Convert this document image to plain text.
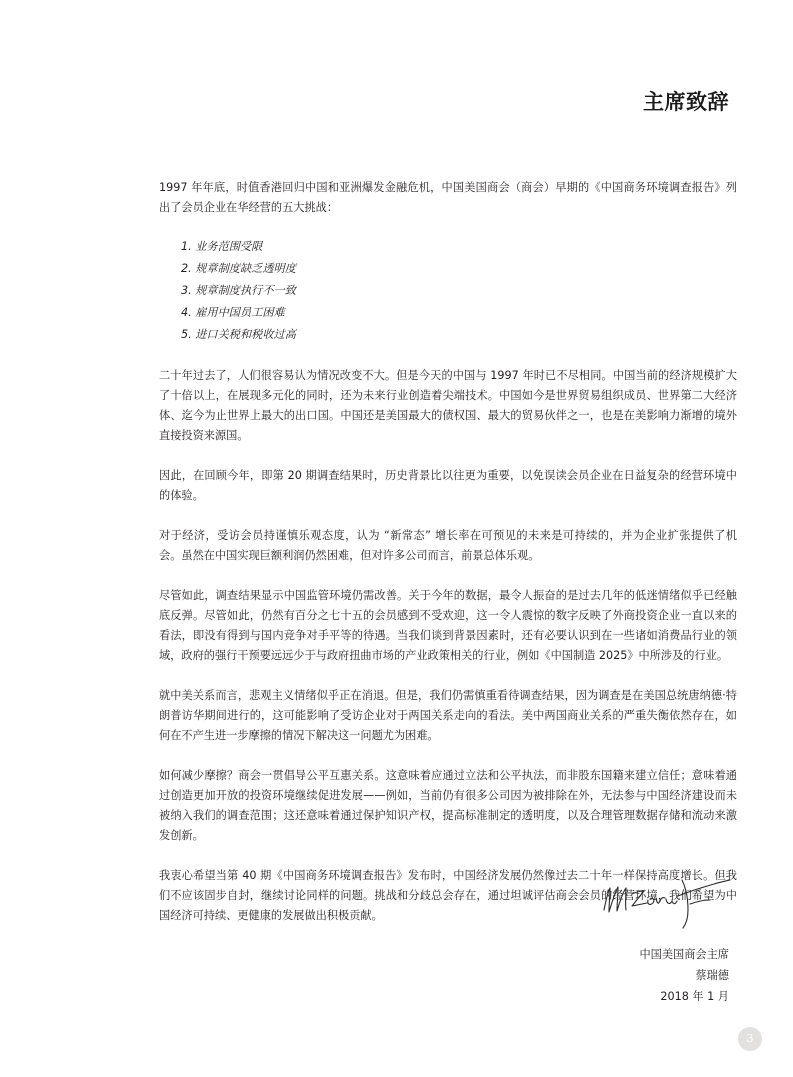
主席致辞

1997 年年底，时值香港回归中国和亚洲爆发金融危机，中国美国商会（商会）早期的《中国商务环境调查报告》列出了会员企业在华经营的五大挑战：

1. 业务范围受限
2. 规章制度缺乏透明度
3. 规章制度执行不一致
4. 雇用中国员工困难
5. 进口关税和税收过高

二十年过去了，人们很容易认为情况改变不大。但是今天的中国与 1997 年时已不尽相同。中国当前的经济规模扩大了十倍以上，在展现多元化的同时，还为未来行业创造着尖端技术。中国如今是世界贸易组织成员、世界第二大经济体、迄今为止世界上最大的出口国。中国还是美国最大的债权国、最大的贸易伙伴之一，也是在美影响力渐增的境外直接投资来源国。

因此，在回顾今年，即第 20 期调查结果时，历史背景比以往更为重要，以免误读会员企业在日益复杂的经营环境中的体验。

对于经济，受访会员持谨慎乐观态度，认为 “新常态” 增长率在可预见的未来是可持续的，并为企业扩张提供了机会。虽然在中国实现巨额利润仍然困难，但对许多公司而言，前景总体乐观。

尽管如此，调查结果显示中国监管环境仍需改善。关于今年的数据，最令人振奋的是过去几年的低迷情绪似乎已经触底反弹。尽管如此，仍然有百分之七十五的会员感到不受欢迎，这一令人震惊的数字反映了外商投资企业一直以来的看法，即没有得到与国内竞争对手平等的待遇。当我们谈到背景因素时，还有必要认识到在一些诸如消费品行业的领域，政府的强行干预要远远少于与政府扭曲市场的产业政策相关的行业，例如《中国制造 2025》中所涉及的行业。

就中美关系而言，悲观主义情绪似乎正在消退。但是，我们仍需慎重看待调查结果，因为调查是在美国总统唐纳德·特朗普访华期间进行的，这可能影响了受访企业对于两国关系走向的看法。美中两国商业关系的严重失衡依然存在，如何在不产生进一步摩擦的情况下解决这一问题尤为困难。

如何减少摩擦？商会一贯倡导公平互惠关系。这意味着应通过立法和公平执法，而非股东国籍来建立信任；意味着通过创造更加开放的投资环境继续促进发展——例如，当前仍有很多公司因为被排除在外，无法参与中国经济建设而未被纳入我们的调查范围；这还意味着通过保护知识产权，提高标准制定的透明度，以及合理管理数据存储和流动来激发创新。

我衷心希望当第 40 期《中国商务环境调查报告》发布时，中国经济发展仍然像过去二十年一样保持高度增长。但我们不应该固步自封，继续讨论同样的问题。挑战和分歧总会存在，通过坦诚评估商会会员的经营环境，我们希望为中国经济可持续、更健康的发展做出积极贡献。

中国美国商会主席
蔡瑞德
2018 年 1 月
3
